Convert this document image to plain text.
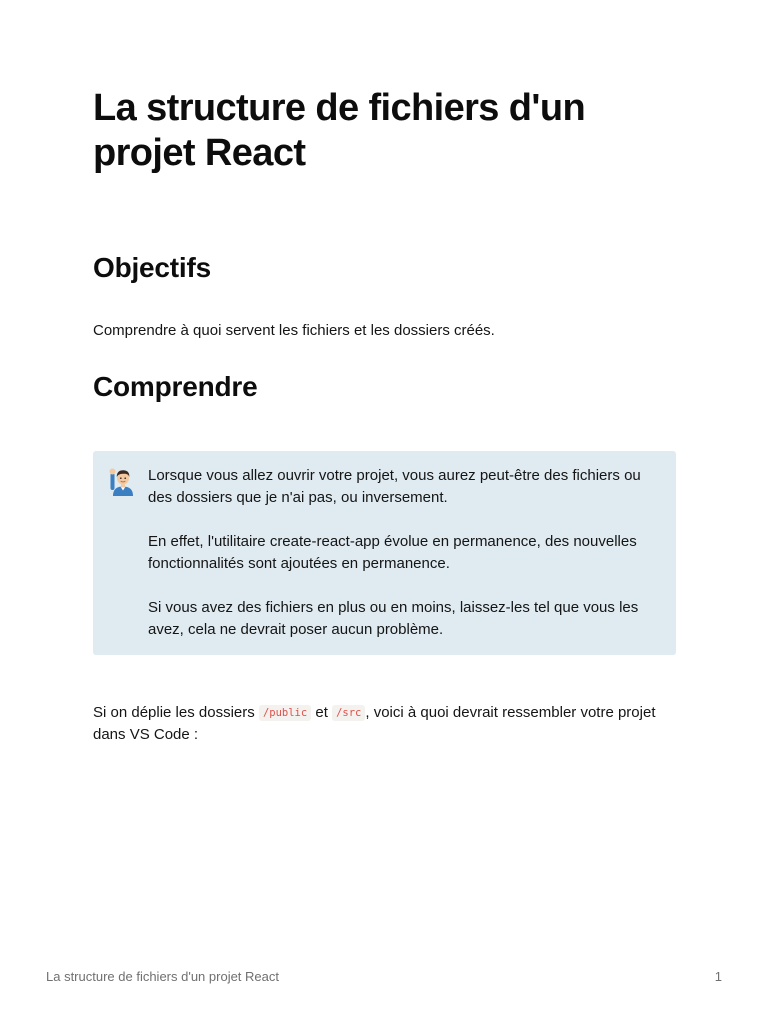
La structure de fichiers d'un projet React
Objectifs

Comprendre à quoi servent les fichiers et les dossiers créés.

Comprendre

Lorsque vous allez ouvrir votre projet, vous aurez peut-être des fichiers ou des dossiers que je n'ai pas, ou inversement.

En effet, l'utilitaire create-react-app évolue en permanence, des nouvelles fonctionnalités sont ajoutées en permanence.

Si vous avez des fichiers en plus ou en moins, laissez-les tel que vous les avez, cela ne devrait poser aucun problème.

Si on déplie les dossiers /public et /src , voici à quoi devrait ressembler votre projet dans VS Code :

La structure de fichiers d'un projet React	1
